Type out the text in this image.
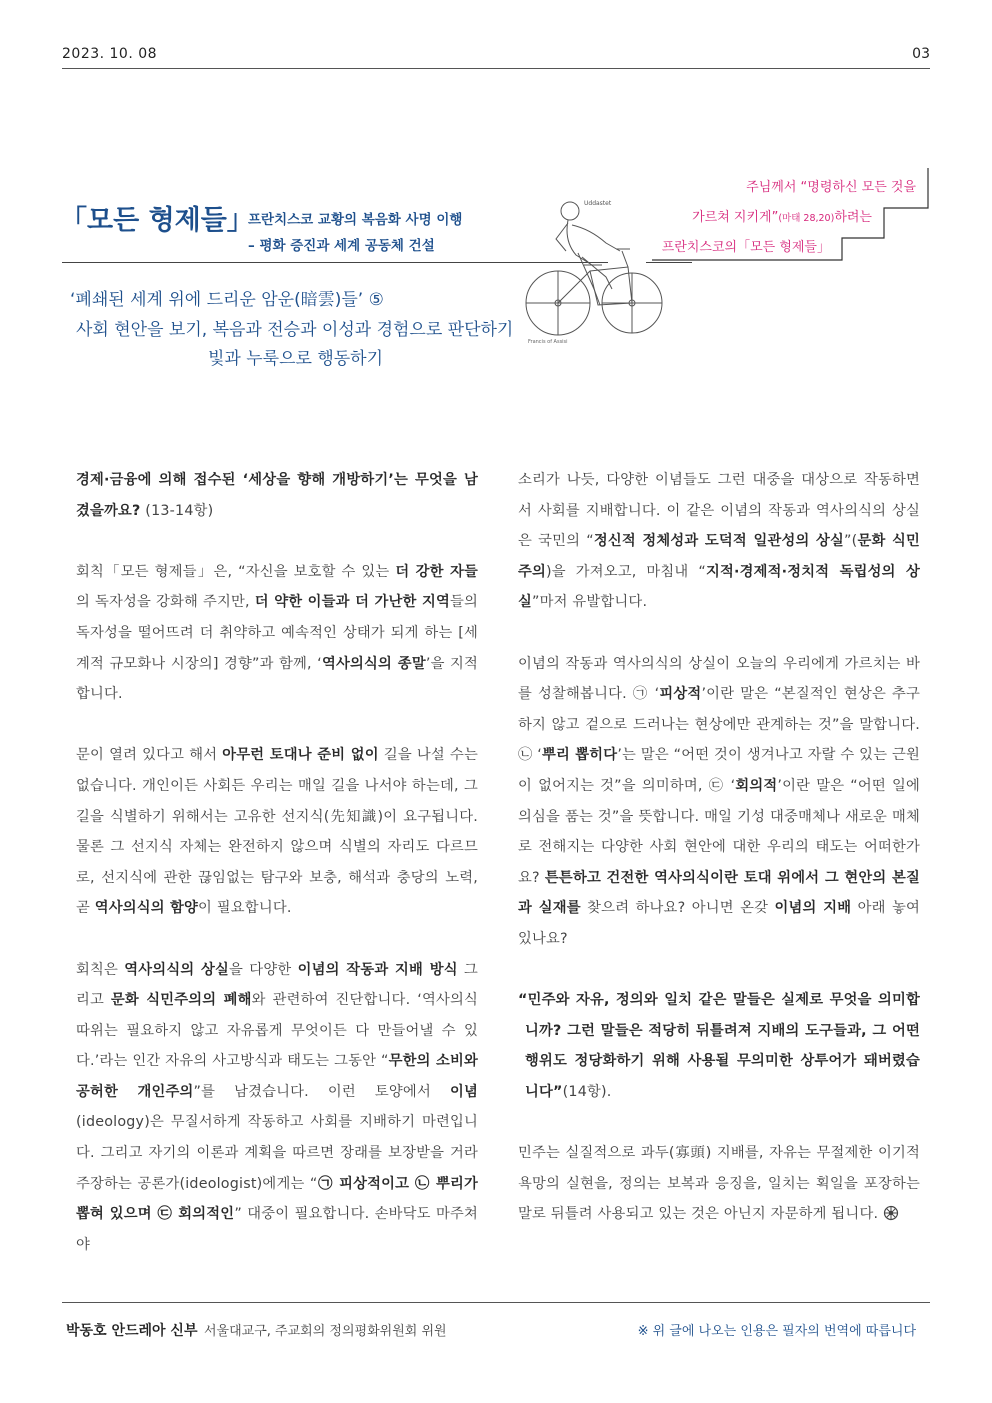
2023. 10. 08	03
「모든 형제들」
프란치스코 교황의 복음화 사명 이행
– 평화 증진과 세계 공동체 건설
Uddastet
Francis of Assisi
주님께서 “명령하신 모든 것을
가르쳐 지키게”(마태 28,20)하려는
프란치스코의「모든 형제들」
‘폐쇄된 세계 위에 드리운 암운(暗雲)들’ ⑤
사회 현안을 보기, 복음과 전승과 이성과 경험으로 판단하기
빛과 누룩으로 행동하기

경제·금융에 의해 접수된 ‘세상을 향해 개방하기’는 무엇을 남겼을까요? (13-14항)

회칙「모든 형제들」은, “자신을 보호할 수 있는 더 강한 자들의 독자성을 강화해 주지만, 더 약한 이들과 더 가난한 지역들의 독자성을 떨어뜨려 더 취약하고 예속적인 상태가 되게 하는 [세계적 규모화나 시장의] 경향”과 함께, ‘역사의식의 종말’을 지적합니다.

문이 열려 있다고 해서 아무런 토대나 준비 없이 길을 나설 수는 없습니다. 개인이든 사회든 우리는 매일 길을 나서야 하는데, 그 길을 식별하기 위해서는 고유한 선지식(先知識)이 요구됩니다. 물론 그 선지식 자체는 완전하지 않으며 식별의 자리도 다르므로, 선지식에 관한 끊임없는 탐구와 보충, 해석과 충당의 노력, 곧 역사의식의 함양이 필요합니다.

회칙은 역사의식의 상실을 다양한 이념의 작동과 지배 방식 그리고 문화 식민주의의 폐해와 관련하여 진단합니다. ‘역사의식 따위는 필요하지 않고 자유롭게 무엇이든 다 만들어낼 수 있다.’라는 인간 자유의 사고방식과 태도는 그동안 “무한의 소비와 공허한 개인주의”를 남겼습니다. 이런 토양에서 이념(ideology)은 무질서하게 작동하고 사회를 지배하기 마련입니다. 그리고 자기의 이론과 계획을 따르면 장래를 보장받을 거라 주장하는 공론가(ideologist)에게는 “㉠ 피상적이고 ㉡ 뿌리가 뽑혀 있으며 ㉢ 회의적인” 대중이 필요합니다. 손바닥도 마주쳐야

소리가 나듯, 다양한 이념들도 그런 대중을 대상으로 작동하면서 사회를 지배합니다. 이 같은 이념의 작동과 역사의식의 상실은 국민의 “정신적 정체성과 도덕적 일관성의 상실”(문화 식민주의)을 가져오고, 마침내 “지적·경제적·정치적 독립성의 상실”마저 유발합니다.

이념의 작동과 역사의식의 상실이 오늘의 우리에게 가르치는 바를 성찰해봅니다. ㉠ ‘피상적’이란 말은 “본질적인 현상은 추구하지 않고 겉으로 드러나는 현상에만 관계하는 것”을 말합니다. ㉡ ‘뿌리 뽑히다’는 말은 “어떤 것이 생겨나고 자랄 수 있는 근원이 없어지는 것”을 의미하며, ㉢ ‘회의적’이란 말은 “어떤 일에 의심을 품는 것”을 뜻합니다. 매일 기성 대중매체나 새로운 매체로 전해지는 다양한 사회 현안에 대한 우리의 태도는 어떠한가요? 튼튼하고 건전한 역사의식이란 토대 위에서 그 현안의 본질과 실재를 찾으려 하나요? 아니면 온갖 이념의 지배 아래 놓여 있나요?

“민주와 자유, 정의와 일치 같은 말들은 실제로 무엇을 의미합니까? 그런 말들은 적당히 뒤틀려져 지배의 도구들과, 그 어떤 행위도 정당화하기 위해 사용될 무의미한 상투어가 돼버렸습니다”(14항).

민주는 실질적으로 과두(寡頭) 지배를, 자유는 무절제한 이기적 욕망의 실현을, 정의는 보복과 응징을, 일치는 획일을 포장하는 말로 뒤틀려 사용되고 있는 것은 아닌지 자문하게 됩니다.

박동호 안드레아 신부 서울대교구, 주교회의 정의평화위원회 위원	※ 위 글에 나오는 인용은 필자의 번역에 따릅니다
